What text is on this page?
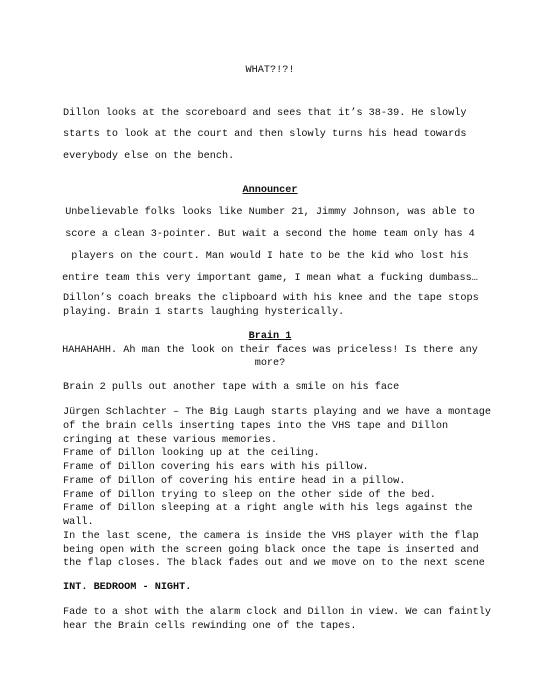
WHAT?!?!
Dillon looks at the scoreboard and sees that it’s 38-39. He slowly
starts to look at the court and then slowly turns his head towards
everybody else on the bench.
Announcer
Unbelievable folks looks like Number 21, Jimmy Johnson, was able to
score a clean 3-pointer. But wait a second the home team only has 4
players on the court. Man would I hate to be the kid who lost his
entire team this very important game, I mean what a fucking dumbass…
Dillon’s coach breaks the clipboard with his knee and the tape stops
playing. Brain 1 starts laughing hysterically.
Brain 1
HAHAHAHH. Ah man the look on their faces was priceless! Is there any
more?
Brain 2 pulls out another tape with a smile on his face
Jürgen Schlachter – The Big Laugh starts playing and we have a montage
of the brain cells inserting tapes into the VHS tape and Dillon
cringing at these various memories.
Frame of Dillon looking up at the ceiling.
Frame of Dillon covering his ears with his pillow.
Frame of Dillon of covering his entire head in a pillow.
Frame of Dillon trying to sleep on the other side of the bed.
Frame of Dillon sleeping at a right angle with his legs against the
wall.
In the last scene, the camera is inside the VHS player with the flap
being open with the screen going black once the tape is inserted and
the flap closes. The black fades out and we move on to the next scene
INT. BEDROOM - NIGHT.
Fade to a shot with the alarm clock and Dillon in view. We can faintly
hear the Brain cells rewinding one of the tapes.
